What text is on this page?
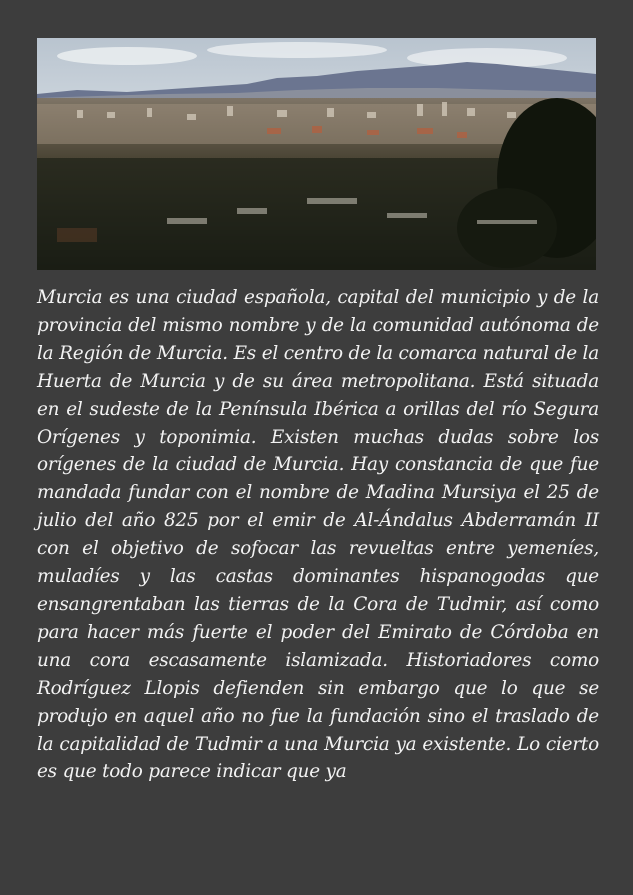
Murcia es una ciudad española, capital del municipio y de la provincia del mismo nombre y de la comunidad autónoma de la Región de Murcia. Es el centro de la comarca natural de la Huerta de Murcia y de su área metropolitana. Está situada en el sudeste de la Península Ibérica a orillas del río Segura Orígenes y toponimia. Existen muchas dudas sobre los orígenes de la ciudad de Murcia. Hay constancia de que fue mandada fundar con el nombre de Madina Mursiya el 25 de julio del año 825 por el emir de Al-Ándalus Abderramán II con el objetivo de sofocar las revueltas entre yemeníes, muladíes y las castas dominantes hispanogodas que ensangrentaban las tierras de la Cora de Tudmir, así como para hacer más fuerte el poder del Emirato de Córdoba en una cora escasamente islamizada. Historiadores como Rodríguez Llopis defienden sin embargo que lo que se produjo en aquel año no fue la fundación sino el traslado de la capitalidad de Tudmir a una Murcia ya existente. Lo cierto es que todo parece indicar que ya
